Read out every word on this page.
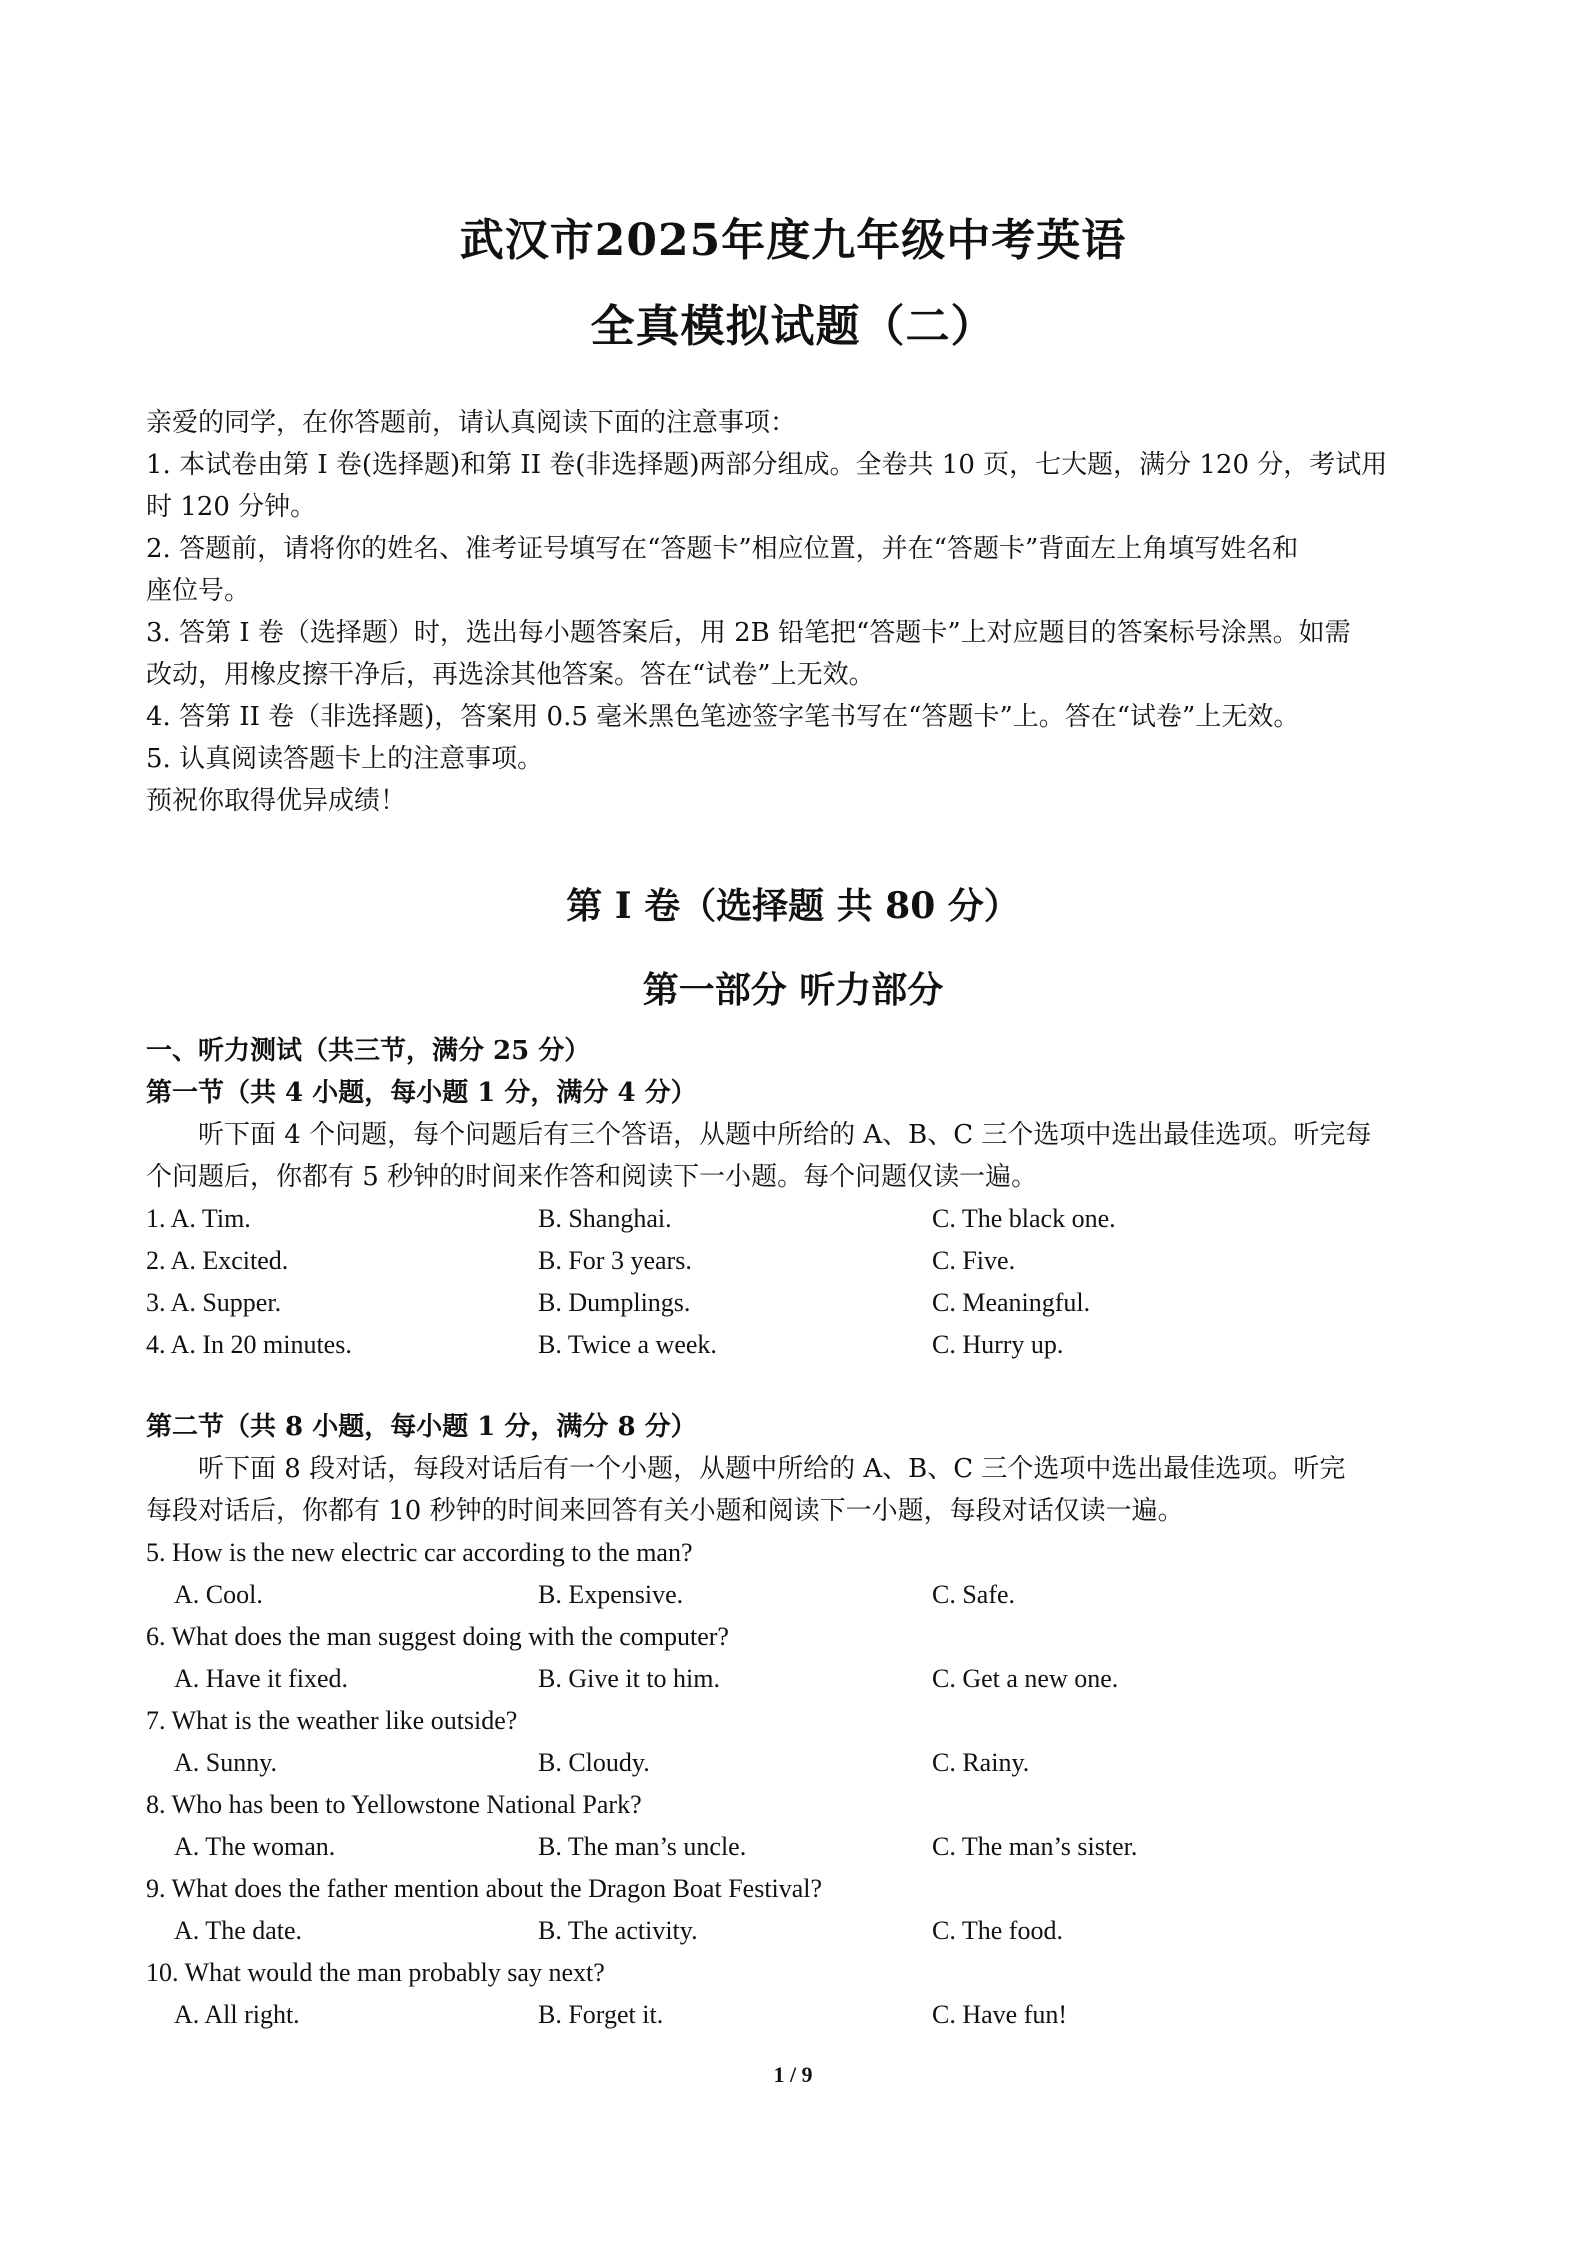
武汉市2025年度九年级中考英语
全真模拟试题（二）
亲爱的同学，在你答题前，请认真阅读下面的注意事项：
1. 本试卷由第 I 卷(选择题)和第 II 卷(非选择题)两部分组成。全卷共 10 页，七大题，满分 120 分，考试用
时 120 分钟。
2. 答题前，请将你的姓名、准考证号填写在“答题卡”相应位置，并在“答题卡”背面左上角填写姓名和
座位号。
3. 答第 I 卷（选择题）时，选出每小题答案后，用 2B 铅笔把“答题卡”上对应题目的答案标号涂黑。如需
改动，用橡皮擦干净后，再选涂其他答案。答在“试卷”上无效。
4. 答第 II 卷（非选择题)，答案用 0.5 毫米黑色笔迹签字笔书写在“答题卡”上。答在“试卷”上无效。
5. 认真阅读答题卡上的注意事项。
预祝你取得优异成绩！
第 I 卷（选择题 共 80 分）
第一部分 听力部分
一、听力测试（共三节，满分 25 分）
第一节（共 4 小题，每小题 1 分，满分 4 分）
听下面 4 个问题，每个问题后有三个答语，从题中所给的 A、B、C 三个选项中选出最佳选项。听完每
个问题后，你都有 5 秒钟的时间来作答和阅读下一小题。每个问题仅读一遍。
1. A. Tim.	B. Shanghai.	C. The black one.
2. A. Excited.	B. For 3 years.	C. Five.
3. A. Supper.	B. Dumplings.	C. Meaningful.
4. A. In 20 minutes.	B. Twice a week.	C. Hurry up.
第二节（共 8 小题，每小题 1 分，满分 8 分）
听下面 8 段对话，每段对话后有一个小题，从题中所给的 A、B、C 三个选项中选出最佳选项。听完
每段对话后，你都有 10 秒钟的时间来回答有关小题和阅读下一小题，每段对话仅读一遍。
5. How is the new electric car according to the man?
A. Cool.	B. Expensive.	C. Safe.
6. What does the man suggest doing with the computer?
A. Have it fixed.	B. Give it to him.	C. Get a new one.
7. What is the weather like outside?
A. Sunny.	B. Cloudy.	C. Rainy.
8. Who has been to Yellowstone National Park?
A. The woman.	B. The man’s uncle.	C. The man’s sister.
9. What does the father mention about the Dragon Boat Festival?
A. The date.	B. The activity.	C. The food.
10. What would the man probably say next?
A. All right.	B. Forget it.	C. Have fun!
1 / 9
